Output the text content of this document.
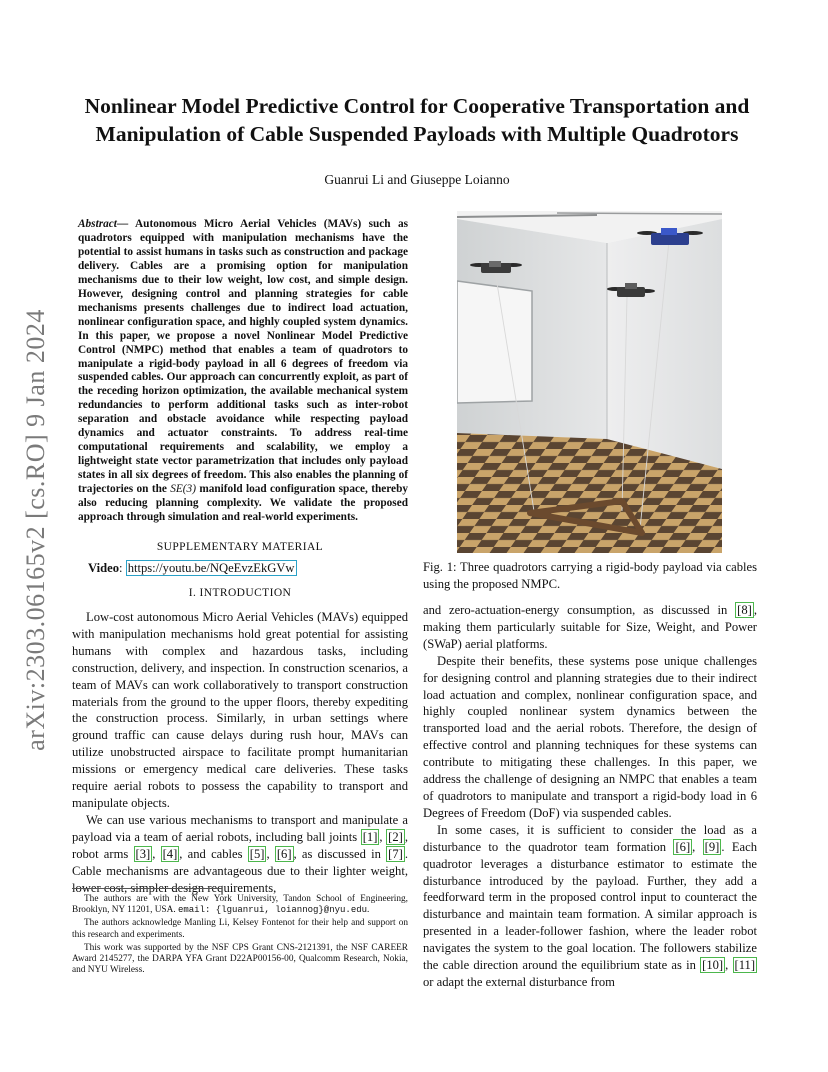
arXiv:2303.06165v2 [cs.RO] 9 Jan 2024
Nonlinear Model Predictive Control for Cooperative Transportation and Manipulation of Cable Suspended Payloads with Multiple Quadrotors
Guanrui Li and Giuseppe Loianno
Abstract— Autonomous Micro Aerial Vehicles (MAVs) such as quadrotors equipped with manipulation mechanisms have the potential to assist humans in tasks such as construction and package delivery. Cables are a promising option for manipulation mechanisms due to their low weight, low cost, and simple design. However, designing control and planning strategies for cable mechanisms presents challenges due to indirect load actuation, nonlinear configuration space, and highly coupled system dynamics. In this paper, we propose a novel Nonlinear Model Predictive Control (NMPC) method that enables a team of quadrotors to manipulate a rigid-body payload in all 6 degrees of freedom via suspended cables. Our approach can concurrently exploit, as part of the receding horizon optimization, the available mechanical system redundancies to perform additional tasks such as inter-robot separation and obstacle avoidance while respecting payload dynamics and actuator constraints. To address real-time computational requirements and scalability, we employ a lightweight state vector parametrization that includes only payload states in all six degrees of freedom. This also enables the planning of trajectories on the SE(3) manifold load configuration space, thereby also reducing planning complexity. We validate the proposed approach through simulation and real-world experiments.
SUPPLEMENTARY MATERIAL
Video: https://youtu.be/NQeEvzEkGVw
I. INTRODUCTION

Low-cost autonomous Micro Aerial Vehicles (MAVs) equipped with manipulation mechanisms hold great potential for assisting humans with complex and hazardous tasks, including construction, delivery, and inspection. In construction scenarios, a team of MAVs can work collaboratively to transport construction materials from the ground to the upper floors, thereby expediting the construction process. Similarly, in urban settings where ground traffic can cause delays during rush hour, MAVs can utilize unobstructed airspace to facilitate prompt humanitarian missions or emergency medical care deliveries. These tasks require aerial robots to possess the capability to transport and manipulate objects.

We can use various mechanisms to transport and manipulate a payload via a team of aerial robots, including ball joints [1] , [2] , robot arms [3] , [4] , and cables [5] , [6] , as discussed in [7] . Cable mechanisms are advantageous due to their lighter weight, lower cost, simpler design requirements,

The authors are with the New York University, Tandon School of Engineering, Brooklyn, NY 11201, USA. email: {lguanrui, loiannog}@nyu.edu.

The authors acknowledge Manling Li, Kelsey Fontenot for their help and support on this research and experiments.

This work was supported by the NSF CPS Grant CNS-2121391, the NSF CAREER Award 2145277, the DARPA YFA Grant D22AP00156-00, Qualcomm Research, Nokia, and NYU Wireless.

Fig. 1: Three quadrotors carrying a rigid-body payload via cables using the proposed NMPC.

and zero-actuation-energy consumption, as discussed in [8] , making them particularly suitable for Size, Weight, and Power (SWaP) aerial platforms.

Despite their benefits, these systems pose unique challenges for designing control and planning strategies due to their indirect load actuation and complex, nonlinear configuration space, and highly coupled nonlinear system dynamics between the transported load and the aerial robots. Therefore, the design of effective control and planning techniques for these systems can contribute to mitigating these challenges. In this paper, we address the challenge of designing an NMPC that enables a team of quadrotors to manipulate and transport a rigid-body load in 6 Degrees of Freedom (DoF) via suspended cables.

In some cases, it is sufficient to consider the load as a disturbance to the quadrotor team formation [6] , [9] . Each quadrotor leverages a disturbance estimator to estimate the disturbance introduced by the payload. Further, they add a feedforward term in the proposed control input to counteract the disturbance and maintain team formation. A similar approach is presented in a leader-follower fashion, where the leader robot navigates the system to the goal location. The followers stabilize the cable direction around the equilibrium state as in [10] , [11] or adapt the external disturbance from
